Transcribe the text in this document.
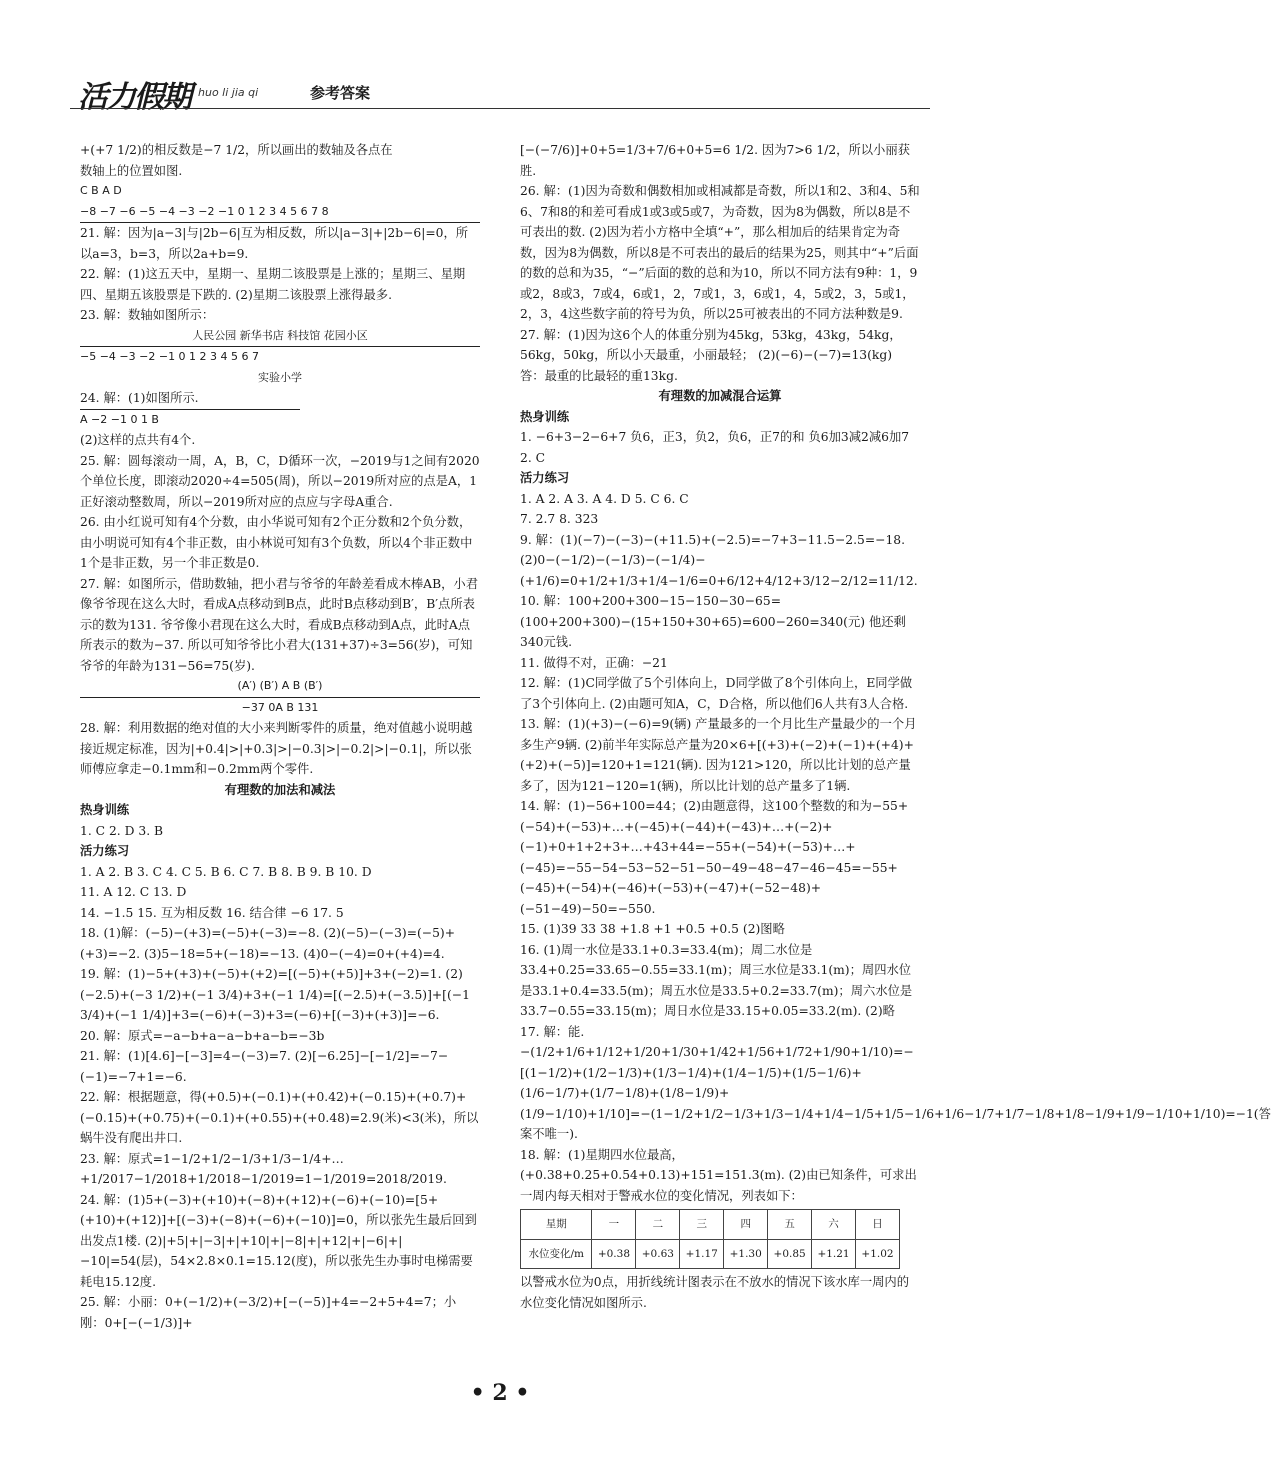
活力假期 huo li jia qi	参考答案

+(+7 1/2)的相反数是−7 1/2，所以画出的数轴及各点在

数轴上的位置如图.

C B A D

−8 −7 −6 −5 −4 −3 −2 −1 0 1 2 3 4 5 6 7 8

21. 解：因为|a−3|与|2b−6|互为相反数，所以|a−3|+|2b−6|=0，所以a=3，b=3，所以2a+b=9.

22. 解：(1)这五天中，星期一、星期二该股票是上涨的；星期三、星期四、星期五该股票是下跌的. (2)星期二该股票上涨得最多.

23. 解：数轴如图所示：

人民公园 新华书店 科技馆 花园小区

−5 −4 −3 −2 −1 0 1 2 3 4 5 6 7

实验小学

24. 解：(1)如图所示.

A −2 −1 0 1 B

(2)这样的点共有4个.

25. 解：圆每滚动一周，A，B，C，D循环一次，−2019与1之间有2020个单位长度，即滚动2020÷4=505(周)，所以−2019所对应的点是A，1正好滚动整数周，所以−2019所对应的点应与字母A重合.

26. 由小红说可知有4个分数，由小华说可知有2个正分数和2个负分数，由小明说可知有4个非正数，由小林说可知有3个负数，所以4个非正数中1个是非正数，另一个非正数是0.

27. 解：如图所示，借助数轴，把小君与爷爷的年龄差看成木棒AB，小君像爷爷现在这么大时，看成A点移动到B点，此时B点移动到B′，B′点所表示的数为131. 爷爷像小君现在这么大时，看成B点移动到A点，此时A点所表示的数为−37. 所以可知爷爷比小君大(131+37)÷3=56(岁)，可知爷爷的年龄为131−56=75(岁).

(A′) (B′) A B (B′)

−37 0A B 131

28. 解：利用数据的绝对值的大小来判断零件的质量，绝对值越小说明越接近规定标准，因为|+0.4|>|+0.3|>|−0.3|>|−0.2|>|−0.1|，所以张师傅应拿走−0.1mm和−0.2mm两个零件.

有理数的加法和减法

热身训练

1. C 2. D 3. B

活力练习

1. A 2. B 3. C 4. C 5. B 6. C 7. B 8. B 9. B 10. D

11. A 12. C 13. D

14. −1.5 15. 互为相反数 16. 结合律 −6 17. 5

18. (1)解：(−5)−(+3)=(−5)+(−3)=−8. (2)(−5)−(−3)=(−5)+(+3)=−2. (3)5−18=5+(−18)=−13. (4)0−(−4)=0+(+4)=4.

19. 解：(1)−5+(+3)+(−5)+(+2)=[(−5)+(+5)]+3+(−2)=1. (2)(−2.5)+(−3 1/2)+(−1 3/4)+3+(−1 1/4)=[(−2.5)+(−3.5)]+[(−1 3/4)+(−1 1/4)]+3=(−6)+(−3)+3=(−6)+[(−3)+(+3)]=−6.

20. 解：原式=−a−b+a−a−b+a−b=−3b

21. 解：(1)[4.6]−[−3]=4−(−3)=7. (2)[−6.25]−[−1/2]=−7−(−1)=−7+1=−6.

22. 解：根据题意，得(+0.5)+(−0.1)+(+0.42)+(−0.15)+(+0.7)+(−0.15)+(+0.75)+(−0.1)+(+0.55)+(+0.48)=2.9(米)<3(米)，所以蜗牛没有爬出井口.

23. 解：原式=1−1/2+1/2−1/3+1/3−1/4+…+1/2017−1/2018+1/2018−1/2019=1−1/2019=2018/2019.

24. 解：(1)5+(−3)+(+10)+(−8)+(+12)+(−6)+(−10)=[5+(+10)+(+12)]+[(−3)+(−8)+(−6)+(−10)]=0，所以张先生最后回到出发点1楼. (2)|+5|+|−3|+|+10|+|−8|+|+12|+|−6|+|−10|=54(层)，54×2.8×0.1=15.12(度)，所以张先生办事时电梯需要耗电15.12度.

25. 解：小丽：0+(−1/2)+(−3/2)+[−(−5)]+4=−2+5+4=7；小刚：0+[−(−1/3)]+

[−(−7/6)]+0+5=1/3+7/6+0+5=6 1/2. 因为7>6 1/2，所以小丽获胜.

26. 解：(1)因为奇数和偶数相加或相减都是奇数，所以1和2、3和4、5和6、7和8的和差可看成1或3或5或7，为奇数，因为8为偶数，所以8是不可表出的数. (2)因为若小方格中全填“+”，那么相加后的结果肯定为奇数，因为8为偶数，所以8是不可表出的最后的结果为25，则其中“+”后面的数的总和为35，“−”后面的数的总和为10，所以不同方法有9种：1，9或2，8或3，7或4，6或1，2，7或1，3，6或1，4，5或2，3，5或1，2，3，4这些数字前的符号为负，所以25可被表出的不同方法种数是9.

27. 解：(1)因为这6个人的体重分别为45kg，53kg，43kg，54kg，56kg，50kg，所以小天最重，小丽最轻； (2)(−6)−(−7)=13(kg) 答：最重的比最轻的重13kg.

有理数的加减混合运算

热身训练

1. −6+3−2−6+7 负6，正3，负2，负6，正7的和 负6加3减2减6加7

2. C

活力练习

1. A 2. A 3. A 4. D 5. C 6. C

7. 2.7 8. 323

9. 解：(1)(−7)−(−3)−(+11.5)+(−2.5)=−7+3−11.5−2.5=−18. (2)0−(−1/2)−(−1/3)−(−1/4)−(+1/6)=0+1/2+1/3+1/4−1/6=0+6/12+4/12+3/12−2/12=11/12.

10. 解：100+200+300−15−150−30−65=(100+200+300)−(15+150+30+65)=600−260=340(元) 他还剩340元钱.

11. 做得不对，正确：−21

12. 解：(1)C同学做了5个引体向上，D同学做了8个引体向上，E同学做了3个引体向上. (2)由题可知A，C，D合格，所以他们6人共有3人合格.

13. 解：(1)(+3)−(−6)=9(辆) 产量最多的一个月比生产量最少的一个月多生产9辆. (2)前半年实际总产量为20×6+[(+3)+(−2)+(−1)+(+4)+(+2)+(−5)]=120+1=121(辆). 因为121>120，所以比计划的总产量多了，因为121−120=1(辆)，所以比计划的总产量多了1辆.

14. 解：(1)−56+100=44；(2)由题意得，这100个整数的和为−55+(−54)+(−53)+…+(−45)+(−44)+(−43)+…+(−2)+(−1)+0+1+2+3+…+43+44=−55+(−54)+(−53)+…+(−45)=−55−54−53−52−51−50−49−48−47−46−45=−55+(−45)+(−54)+(−46)+(−53)+(−47)+(−52−48)+(−51−49)−50=−550.

15. (1)39 33 38 +1.8 +1 +0.5 +0.5 (2)图略

16. (1)周一水位是33.1+0.3=33.4(m)；周二水位是33.4+0.25=33.65−0.55=33.1(m)；周三水位是33.1(m)；周四水位是33.1+0.4=33.5(m)；周五水位是33.5+0.2=33.7(m)；周六水位是33.7−0.55=33.15(m)；周日水位是33.15+0.05=33.2(m). (2)略

17. 解：能. −(1/2+1/6+1/12+1/20+1/30+1/42+1/56+1/72+1/90+1/10)=−[(1−1/2)+(1/2−1/3)+(1/3−1/4)+(1/4−1/5)+(1/5−1/6)+(1/6−1/7)+(1/7−1/8)+(1/8−1/9)+(1/9−1/10)+1/10]=−(1−1/2+1/2−1/3+1/3−1/4+1/4−1/5+1/5−1/6+1/6−1/7+1/7−1/8+1/8−1/9+1/9−1/10+1/10)=−1(答案不唯一).

18. 解：(1)星期四水位最高，(+0.38+0.25+0.54+0.13)+151=151.3(m). (2)由已知条件，可求出一周内每天相对于警戒水位的变化情况，列表如下：

星期	一	二	三	四	五	六	日
水位变化/m	+0.38	+0.63	+1.17	+1.30	+0.85	+1.21	+1.02

以警戒水位为0点，用折线统计图表示在不放水的情况下该水库一周内的水位变化情况如图所示.

• 2 •
